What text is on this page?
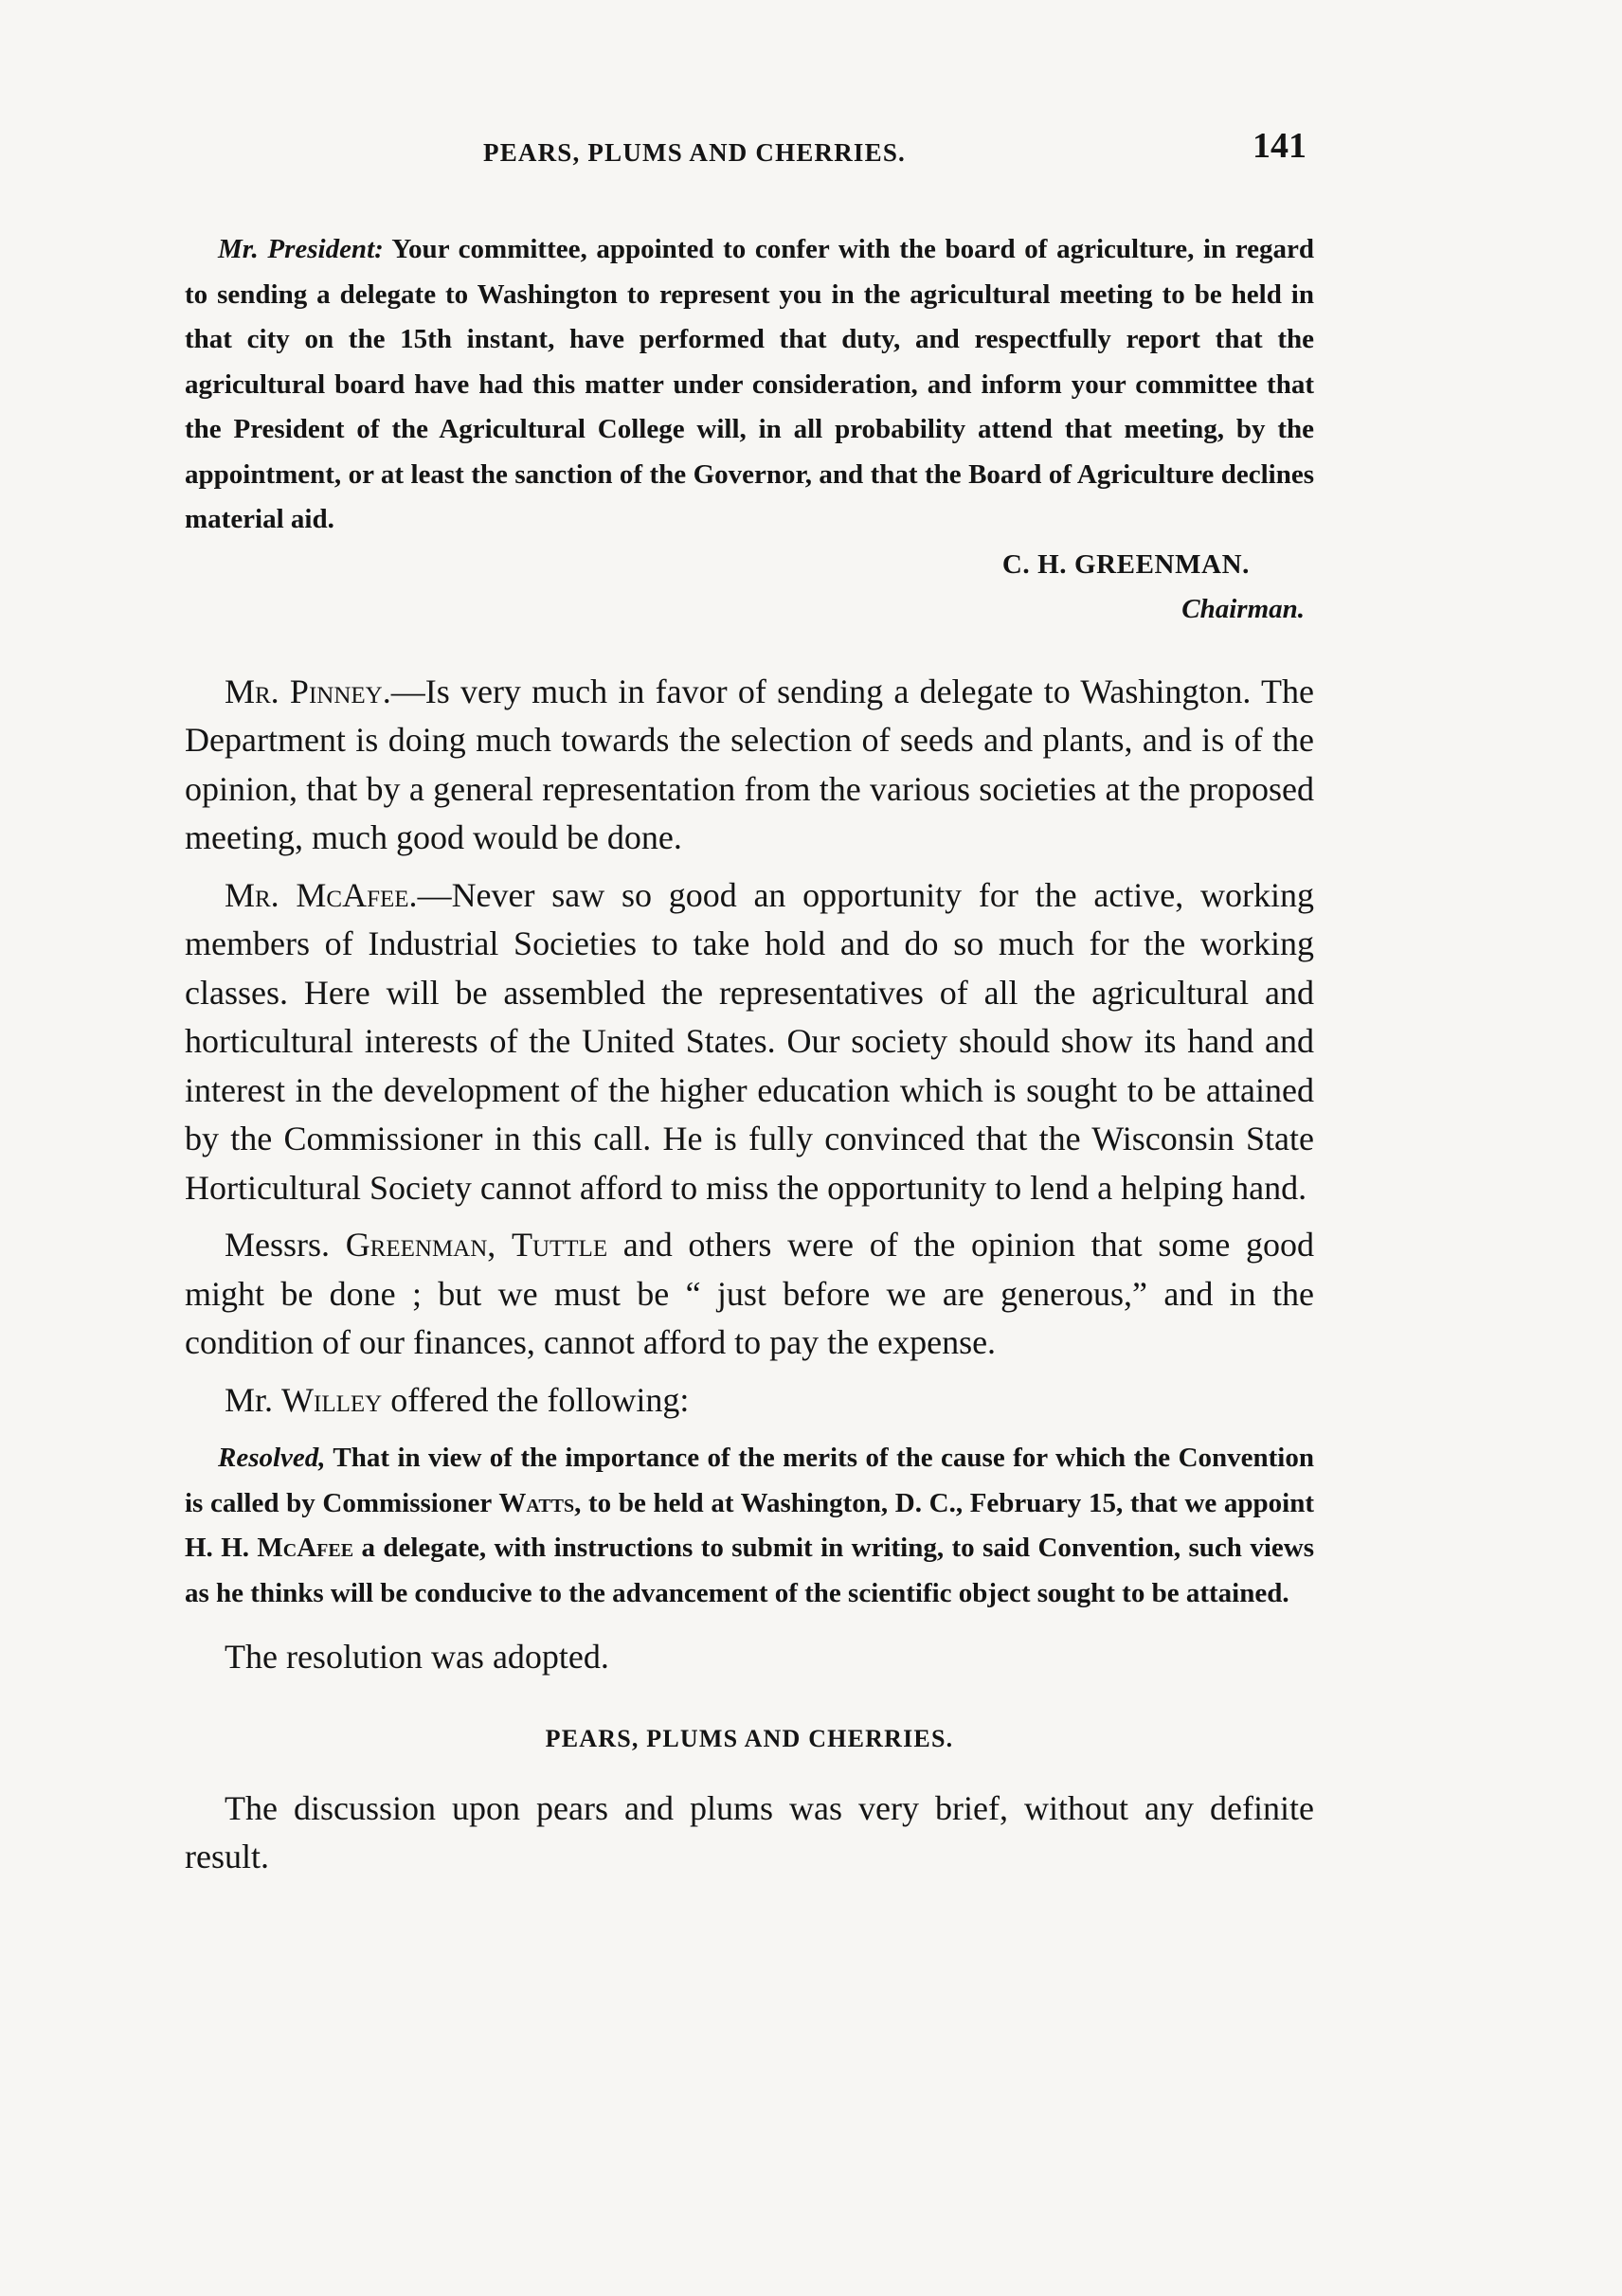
PEARS, PLUMS AND CHERRIES.	141
Mr. President: Your committee, appointed to confer with the board of agriculture, in regard to sending a delegate to Washington to represent you in the agricultural meeting to be held in that city on the 15th instant, have performed that duty, and respectfully report that the agricultural board have had this matter under consideration, and inform your committee that the President of the Agricultural College will, in all probability attend that meeting, by the appointment, or at least the sanction of the Governor, and that the Board of Agriculture declines material aid.
C. H. GREENMAN.
Chairman.

Mr. Pinney.—Is very much in favor of sending a delegate to Washington. The Department is doing much towards the selection of seeds and plants, and is of the opinion, that by a general representation from the various societies at the proposed meeting, much good would be done.

Mr. McAfee.—Never saw so good an opportunity for the active, working members of Industrial Societies to take hold and do so much for the working classes. Here will be assembled the representatives of all the agricultural and horticultural interests of the United States. Our society should show its hand and interest in the development of the higher education which is sought to be attained by the Commissioner in this call. He is fully convinced that the Wisconsin State Horticultural Society cannot afford to miss the opportunity to lend a helping hand.

Messrs. Greenman, Tuttle and others were of the opinion that some good might be done ; but we must be “ just before we are generous,” and in the condition of our finances, cannot afford to pay the expense.

Mr. Willey offered the following:

Resolved, That in view of the importance of the merits of the cause for which the Convention is called by Commissioner Watts, to be held at Washington, D. C., February 15, that we appoint H. H. McAfee a delegate, with instructions to submit in writing, to said Convention, such views as he thinks will be conducive to the advancement of the scientific object sought to be attained.

The resolution was adopted.

PEARS, PLUMS AND CHERRIES.

The discussion upon pears and plums was very brief, without any definite result.
